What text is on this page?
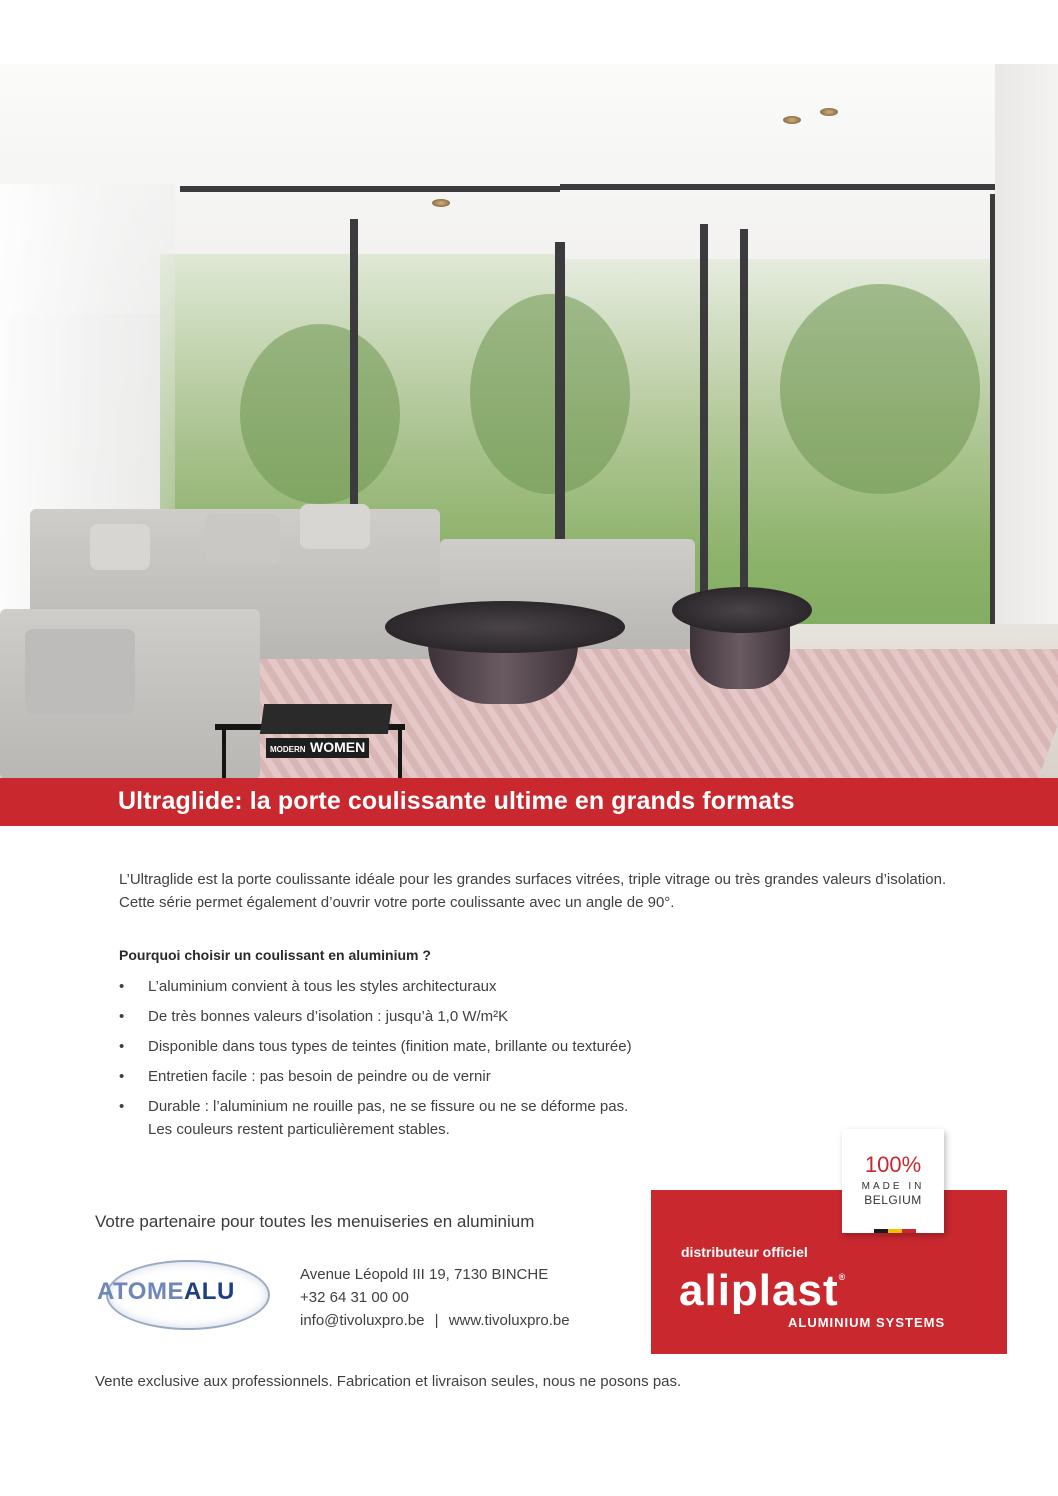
MODERN WOMEN
Ultraglide: la porte coulissante ultime en grands formats

L’Ultraglide est la porte coulissante idéale pour les grandes surfaces vitrées, triple vitrage ou très grandes valeurs d’isolation. Cette série permet également d’ouvrir votre porte coulissante avec un angle de 90°.

Pourquoi choisir un coulissant en aluminium ?
• L’aluminium convient à tous les styles architecturaux
• De très bonnes valeurs d’isolation : jusqu’à 1,0 W/m²K
• Disponible dans tous types de teintes (finition mate, brillante ou texturée)
• Entretien facile : pas besoin de peindre ou de vernir
• Durable : l’aluminium ne rouille pas, ne se fissure ou ne se déforme pas.
Les couleurs restent particulièrement stables.
Votre partenaire pour toutes les menuiseries en aluminium
ATOMEALU
Avenue Léopold III 19, 7130 BINCHE
+32 64 31 00 00
info@tivoluxpro.be | www.tivoluxpro.be
distributeur officiel
aliplast®
ALUMINIUM SYSTEMS
100%
MADE IN
BELGIUM
Vente exclusive aux professionnels. Fabrication et livraison seules, nous ne posons pas.
